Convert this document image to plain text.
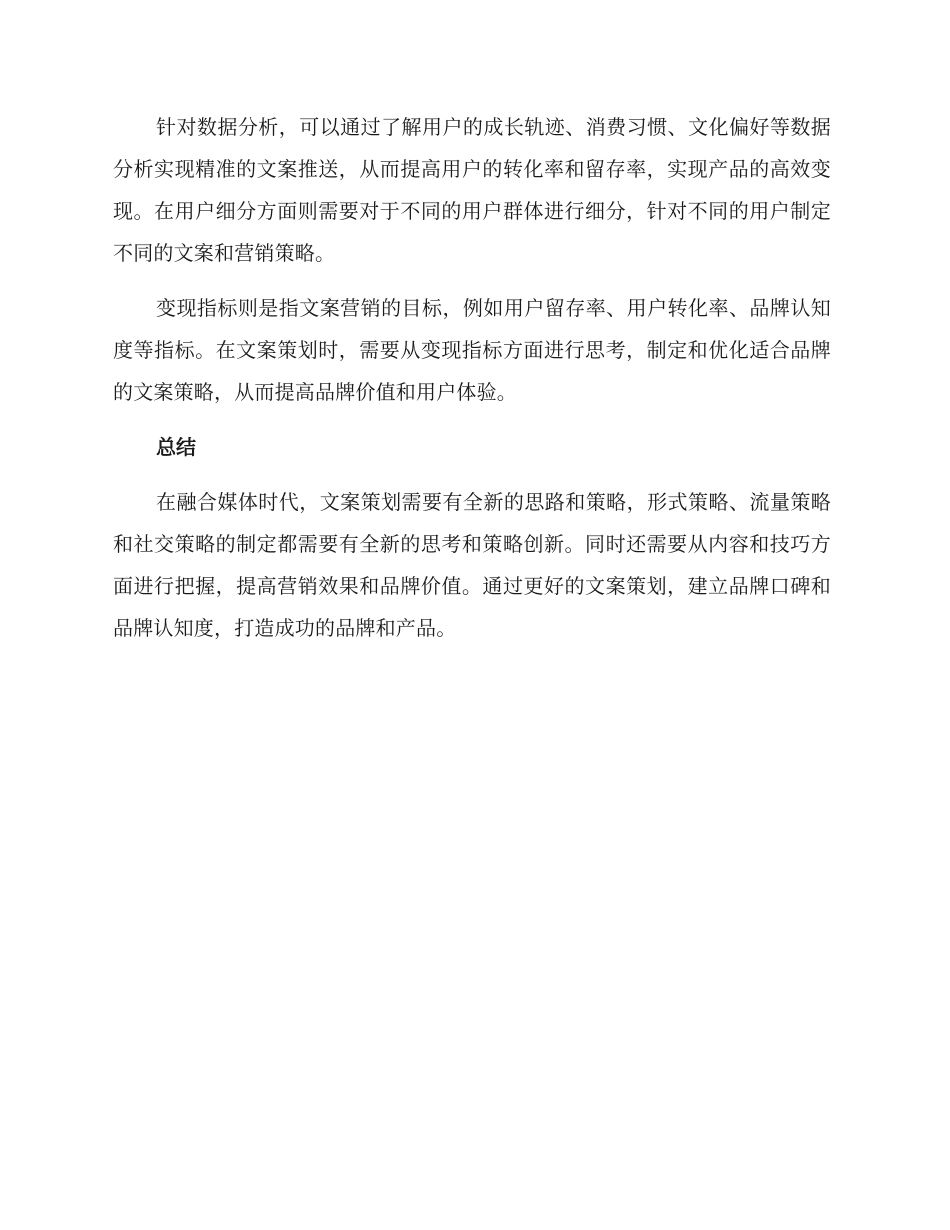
针对数据分析，可以通过了解用户的成长轨迹、消费习惯、文化偏好等数据分析实现精准的文案推送，从而提高用户的转化率和留存率，实现产品的高效变现。在用户细分方面则需要对于不同的用户群体进行细分，针对不同的用户制定不同的文案和营销策略。

变现指标则是指文案营销的目标，例如用户留存率、用户转化率、品牌认知度等指标。在文案策划时，需要从变现指标方面进行思考，制定和优化适合品牌的文案策略，从而提高品牌价值和用户体验。

总结

在融合媒体时代，文案策划需要有全新的思路和策略，形式策略、流量策略和社交策略的制定都需要有全新的思考和策略创新。同时还需要从内容和技巧方面进行把握，提高营销效果和品牌价值。通过更好的文案策划，建立品牌口碑和品牌认知度，打造成功的品牌和产品。
